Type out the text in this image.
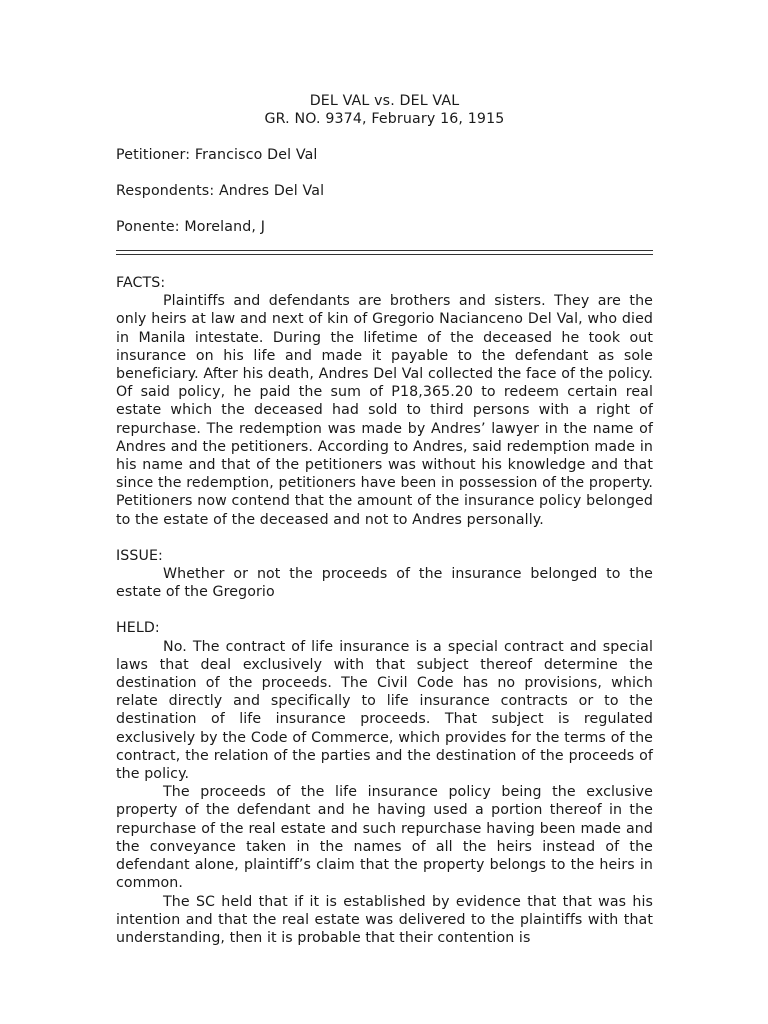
DEL VAL vs. DEL VAL
GR. NO. 9374, February 16, 1915
Petitioner: Francisco Del Val
Respondents: Andres Del Val
Ponente: Moreland, J
FACTS:

Plaintiffs and defendants are brothers and sisters. They are the only heirs at law and next of kin of Gregorio Nacianceno Del Val, who died in Manila intestate. During the lifetime of the deceased he took out insurance on his life and made it payable to the defendant as sole beneficiary. After his death, Andres Del Val collected the face of the policy. Of said policy, he paid the sum of P18,365.20 to redeem certain real estate which the deceased had sold to third persons with a right of repurchase. The redemption was made by Andres’ lawyer in the name of Andres and the petitioners. According to Andres, said redemption made in his name and that of the petitioners was without his knowledge and that since the redemption, petitioners have been in possession of the property. Petitioners now contend that the amount of the insurance policy belonged to the estate of the deceased and not to Andres personally.

ISSUE:

Whether or not the proceeds of the insurance belonged to the estate of the Gregorio

HELD:

No. The contract of life insurance is a special contract and special laws that deal exclusively with that subject thereof determine the destination of the proceeds. The Civil Code has no provisions, which relate directly and specifically to life insurance contracts or to the destination of life insurance proceeds. That subject is regulated exclusively by the Code of Commerce, which provides for the terms of the contract, the relation of the parties and the destination of the proceeds of the policy.

The proceeds of the life insurance policy being the exclusive property of the defendant and he having used a portion thereof in the repurchase of the real estate and such repurchase having been made and the conveyance taken in the names of all the heirs instead of the defendant alone, plaintiff’s claim that the property belongs to the heirs in common.

The SC held that if it is established by evidence that that was his intention and that the real estate was delivered to the plaintiffs with that understanding, then it is probable that their contention is
